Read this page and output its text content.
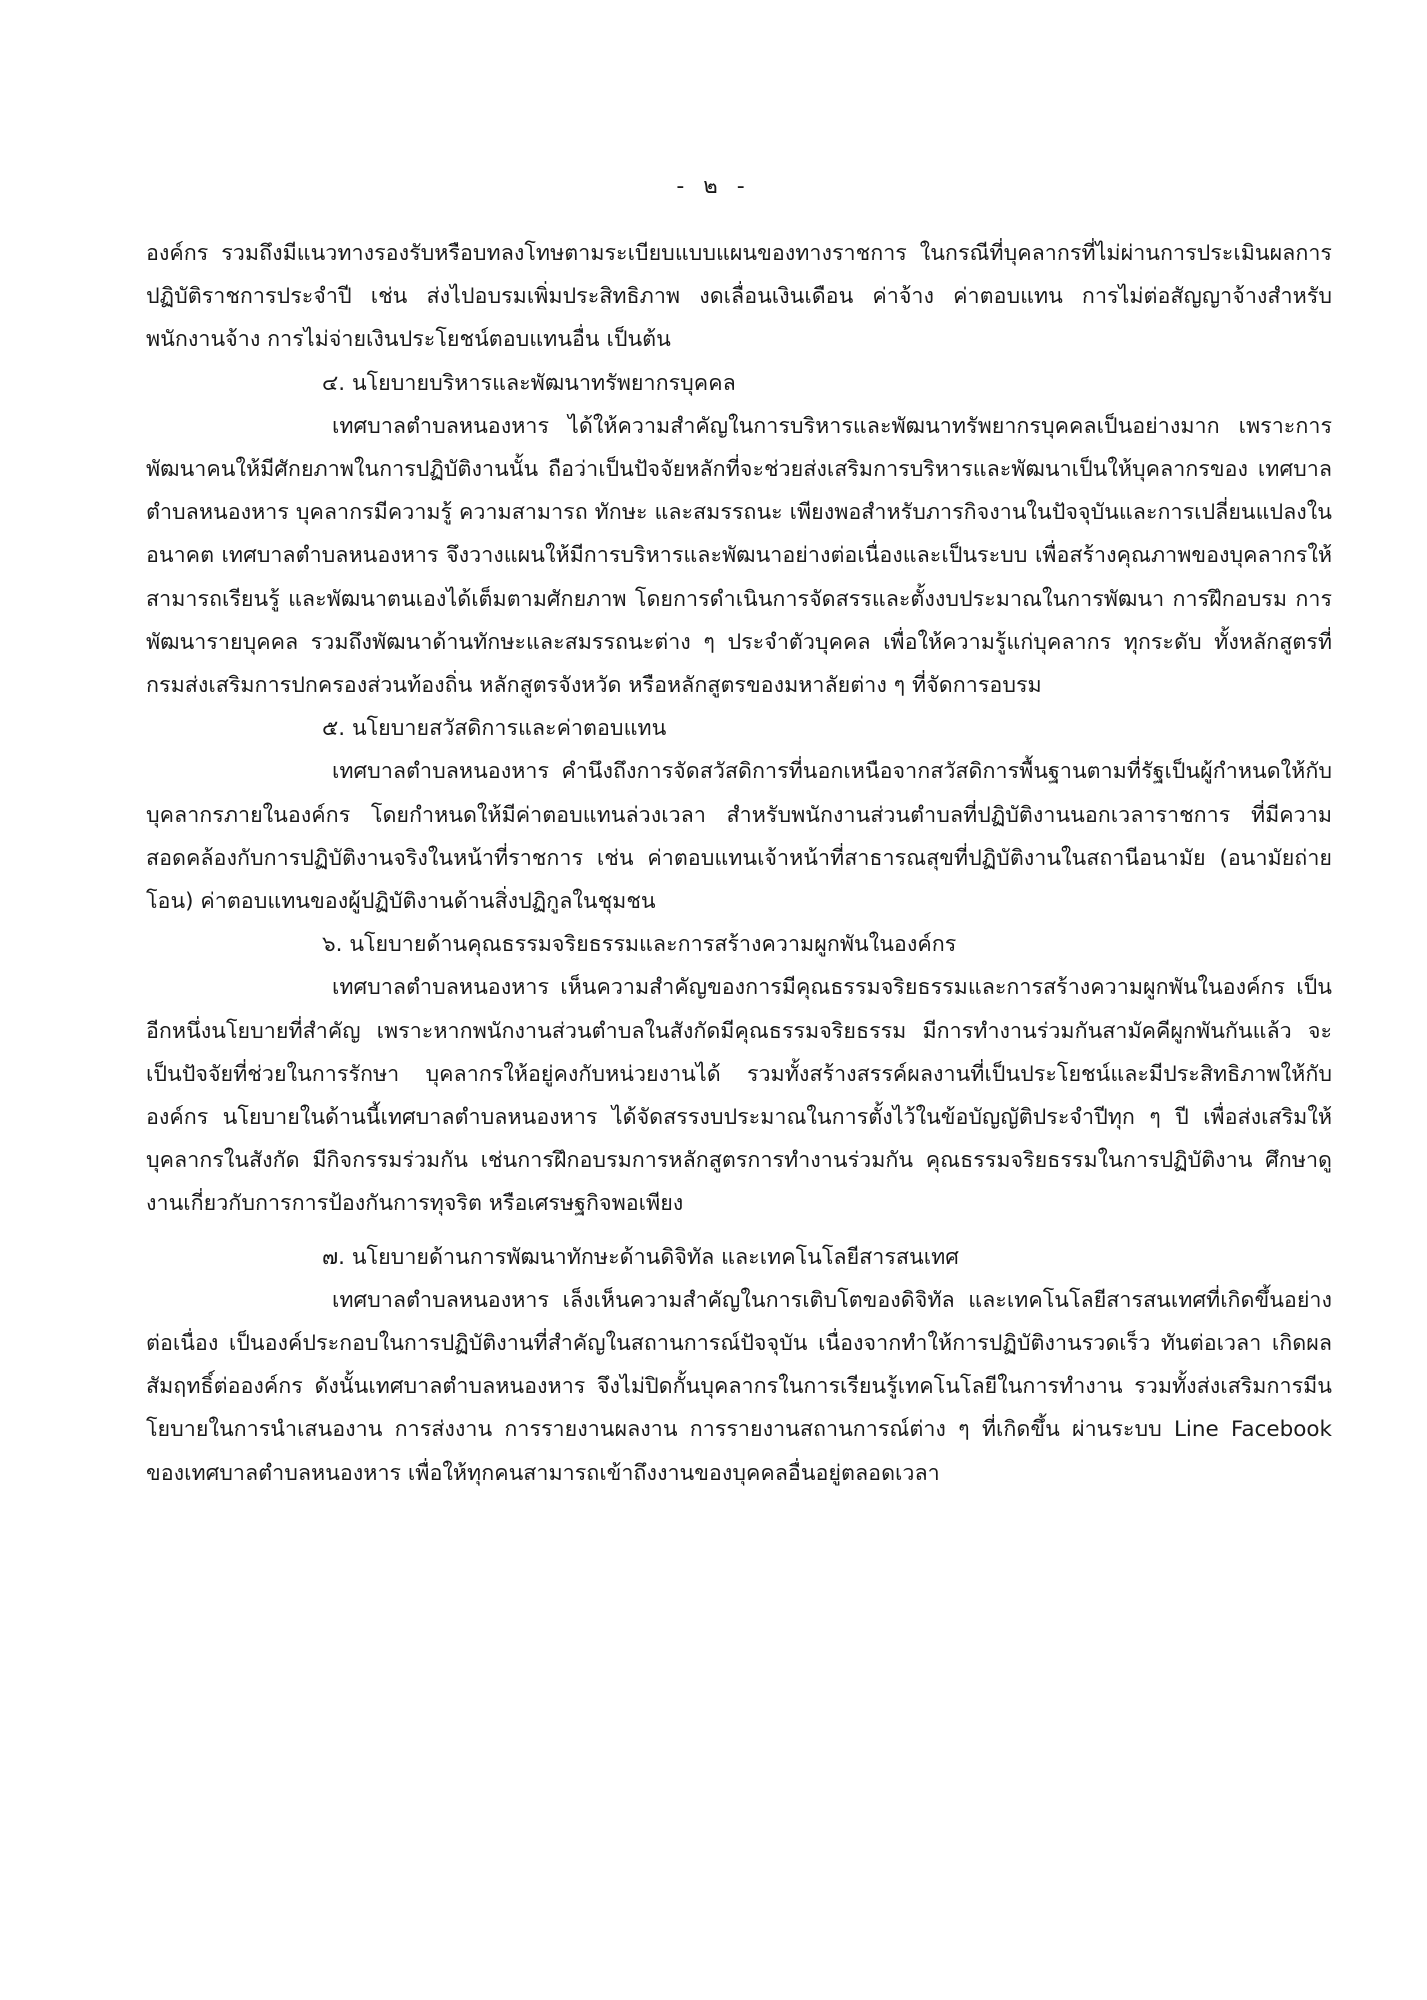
- ๒ -

องค์กร รวมถึงมีแนวทางรองรับหรือบทลงโทษตามระเบียบแบบแผนของทางราชการ ในกรณีที่บุคลากรที่ไม่ผ่านการประเมินผลการปฏิบัติราชการประจำปี เช่น ส่งไปอบรมเพิ่มประสิทธิภาพ งดเลื่อนเงินเดือน ค่าจ้าง ค่าตอบแทน การไม่ต่อสัญญาจ้างสำหรับพนักงานจ้าง การไม่จ่ายเงินประโยชน์ตอบแทนอื่น เป็นต้น

๔. นโยบายบริหารและพัฒนาทรัพยากรบุคคล

เทศบาลตำบลหนองหาร ได้ให้ความสำคัญในการบริหารและพัฒนาทรัพยากรบุคคลเป็นอย่างมาก เพราะการพัฒนาคนให้มีศักยภาพในการปฏิบัติงานนั้น ถือว่าเป็นปัจจัยหลักที่จะช่วยส่งเสริมการบริหารและพัฒนาเป็นให้บุคลากรของ เทศบาลตำบลหนองหาร บุคลากรมีความรู้ ความสามารถ ทักษะ และสมรรถนะ เพียงพอสำหรับภารกิจงานในปัจจุบันและการเปลี่ยนแปลงในอนาคต เทศบาลตำบลหนองหาร จึงวางแผนให้มีการบริหารและพัฒนาอย่างต่อเนื่องและเป็นระบบ เพื่อสร้างคุณภาพของบุคลากรให้สามารถเรียนรู้ และพัฒนาตนเองได้เต็มตามศักยภาพ โดยการดำเนินการจัดสรรและตั้งงบประมาณในการพัฒนา การฝึกอบรม การพัฒนารายบุคคล รวมถึงพัฒนาด้านทักษะและสมรรถนะต่าง ๆ ประจำตัวบุคคล เพื่อให้ความรู้แก่บุคลากร ทุกระดับ ทั้งหลักสูตรที่กรมส่งเสริมการปกครองส่วนท้องถิ่น หลักสูตรจังหวัด หรือหลักสูตรของมหาลัยต่าง ๆ ที่จัดการอบรม

๕. นโยบายสวัสดิการและค่าตอบแทน

เทศบาลตำบลหนองหาร คำนึงถึงการจัดสวัสดิการที่นอกเหนือจากสวัสดิการพื้นฐานตามที่รัฐเป็นผู้กำหนดให้กับบุคลากรภายในองค์กร โดยกำหนดให้มีค่าตอบแทนล่วงเวลา สำหรับพนักงานส่วนตำบลที่ปฏิบัติงานนอกเวลาราชการ ที่มีความสอดคล้องกับการปฏิบัติงานจริงในหน้าที่ราชการ เช่น ค่าตอบแทนเจ้าหน้าที่สาธารณสุขที่ปฏิบัติงานในสถานีอนามัย (อนามัยถ่ายโอน) ค่าตอบแทนของผู้ปฏิบัติงานด้านสิ่งปฏิกูลในชุมชน

๖. นโยบายด้านคุณธรรมจริยธรรมและการสร้างความผูกพันในองค์กร

เทศบาลตำบลหนองหาร เห็นความสำคัญของการมีคุณธรรมจริยธรรมและการสร้างความผูกพันในองค์กร เป็นอีกหนึ่งนโยบายที่สำคัญ เพราะหากพนักงานส่วนตำบลในสังกัดมีคุณธรรมจริยธรรม มีการทำงานร่วมกันสามัคคีผูกพันกันแล้ว จะเป็นปัจจัยที่ช่วยในการรักษา บุคลากรให้อยู่คงกับหน่วยงานได้ รวมทั้งสร้างสรรค์ผลงานที่เป็นประโยชน์และมีประสิทธิภาพให้กับองค์กร นโยบายในด้านนี้เทศบาลตำบลหนองหาร ได้จัดสรรงบประมาณในการตั้งไว้ในข้อบัญญัติประจำปีทุก ๆ ปี เพื่อส่งเสริมให้บุคลากรในสังกัด มีกิจกรรมร่วมกัน เช่นการฝึกอบรมการหลักสูตรการทำงานร่วมกัน คุณธรรมจริยธรรมในการปฏิบัติงาน ศึกษาดูงานเกี่ยวกับการการป้องกันการทุจริต หรือเศรษฐกิจพอเพียง

๗. นโยบายด้านการพัฒนาทักษะด้านดิจิทัล และเทคโนโลยีสารสนเทศ

เทศบาลตำบลหนองหาร เล็งเห็นความสำคัญในการเติบโตของดิจิทัล และเทคโนโลยีสารสนเทศที่เกิดขึ้นอย่างต่อเนื่อง เป็นองค์ประกอบในการปฏิบัติงานที่สำคัญในสถานการณ์ปัจจุบัน เนื่องจากทำให้การปฏิบัติงานรวดเร็ว ทันต่อเวลา เกิดผลสัมฤทธิ์ต่อองค์กร ดังนั้นเทศบาลตำบลหนองหาร จึงไม่ปิดกั้นบุคลากรในการเรียนรู้เทคโนโลยีในการทำงาน รวมทั้งส่งเสริมการมีนโยบายในการนำเสนองาน การส่งงาน การรายงานผลงาน การรายงานสถานการณ์ต่าง ๆ ที่เกิดขึ้น ผ่านระบบ Line Facebook ของเทศบาลตำบลหนองหาร เพื่อให้ทุกคนสามารถเข้าถึงงานของบุคคลอื่นอยู่ตลอดเวลา
